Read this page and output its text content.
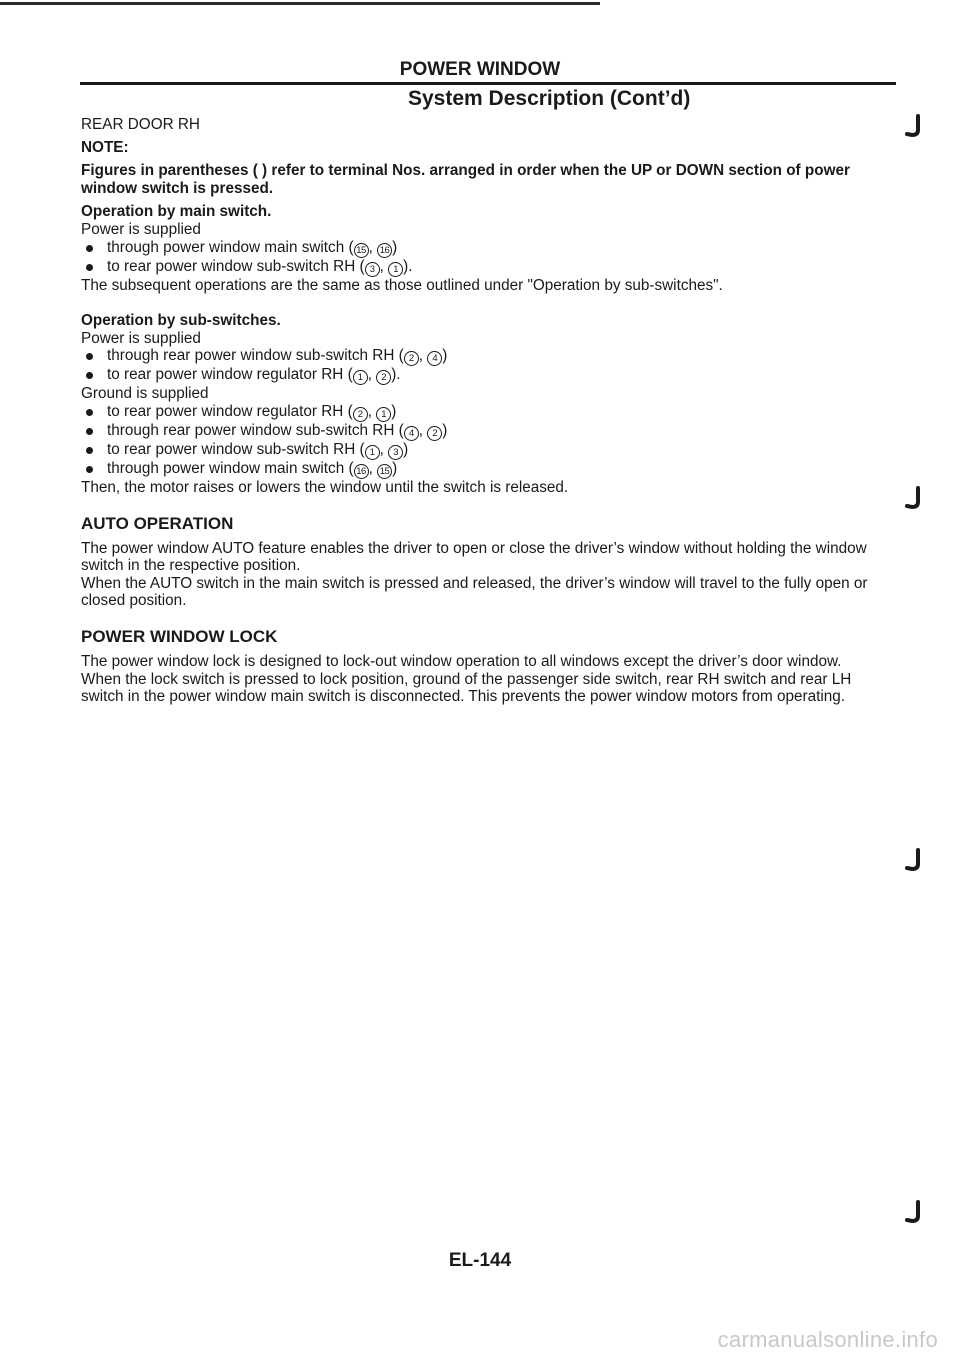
POWER WINDOW
System Description (Cont’d)

REAR DOOR RH

NOTE:

Figures in parentheses ( ) refer to terminal Nos. arranged in order when the UP or DOWN section of power window switch is pressed.

Operation by main switch.

Power is supplied

through power window main switch ( 15 , 16 )
to rear power window sub-switch RH ( 3 , 1 ).

The subsequent operations are the same as those outlined under "Operation by sub-switches".

Operation by sub-switches.

Power is supplied

through rear power window sub-switch RH ( 2 , 4 )
to rear power window regulator RH ( 1 , 2 ).

Ground is supplied

to rear power window regulator RH ( 2 , 1 )
through rear power window sub-switch RH ( 4 , 2 )
to rear power window sub-switch RH ( 1 , 3 )
through power window main switch ( 16 , 15 )

Then, the motor raises or lowers the window until the switch is released.

AUTO OPERATION

The power window AUTO feature enables the driver to open or close the driver’s window without holding the window switch in the respective position.

When the AUTO switch in the main switch is pressed and released, the driver’s window will travel to the fully open or closed position.

POWER WINDOW LOCK

The power window lock is designed to lock-out window operation to all windows except the driver’s door window.

When the lock switch is pressed to lock position, ground of the passenger side switch, rear RH switch and rear LH switch in the power window main switch is disconnected. This prevents the power window motors from operating.

EL-144
carmanualsonline.info
